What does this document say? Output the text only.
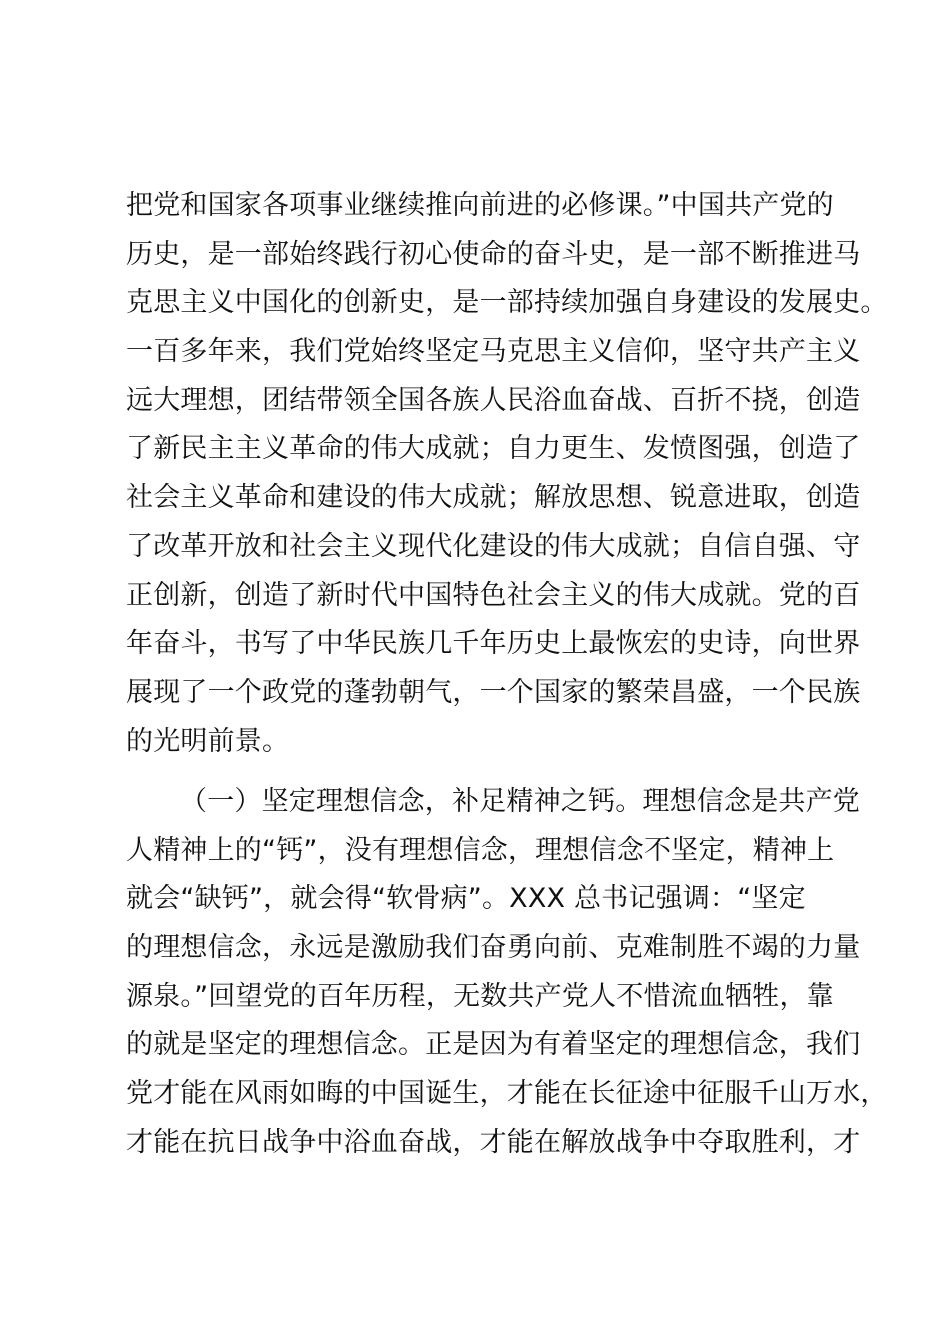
把党和国家各项事业继续推向前进的必修课。”中国共产党的
历史，是一部始终践行初心使命的奋斗史，是一部不断推进马
克思主义中国化的创新史，是一部持续加强自身建设的发展史。
一百多年来，我们党始终坚定马克思主义信仰，坚守共产主义
远大理想，团结带领全国各族人民浴血奋战、百折不挠，创造
了新民主主义革命的伟大成就；自力更生、发愤图强，创造了
社会主义革命和建设的伟大成就；解放思想、锐意进取，创造
了改革开放和社会主义现代化建设的伟大成就；自信自强、守
正创新，创造了新时代中国特色社会主义的伟大成就。党的百
年奋斗，书写了中华民族几千年历史上最恢宏的史诗，向世界
展现了一个政党的蓬勃朝气，一个国家的繁荣昌盛，一个民族
的光明前景。
（一）坚定理想信念，补足精神之钙。理想信念是共产党
人精神上的“钙”，没有理想信念，理想信念不坚定，精神上
就会“缺钙”，就会得“软骨病”。XXX 总书记强调：“坚定
的理想信念，永远是激励我们奋勇向前、克难制胜不竭的力量
源泉。”回望党的百年历程，无数共产党人不惜流血牺牲，靠
的就是坚定的理想信念。正是因为有着坚定的理想信念，我们
党才能在风雨如晦的中国诞生，才能在长征途中征服千山万水，
才能在抗日战争中浴血奋战，才能在解放战争中夺取胜利，才
